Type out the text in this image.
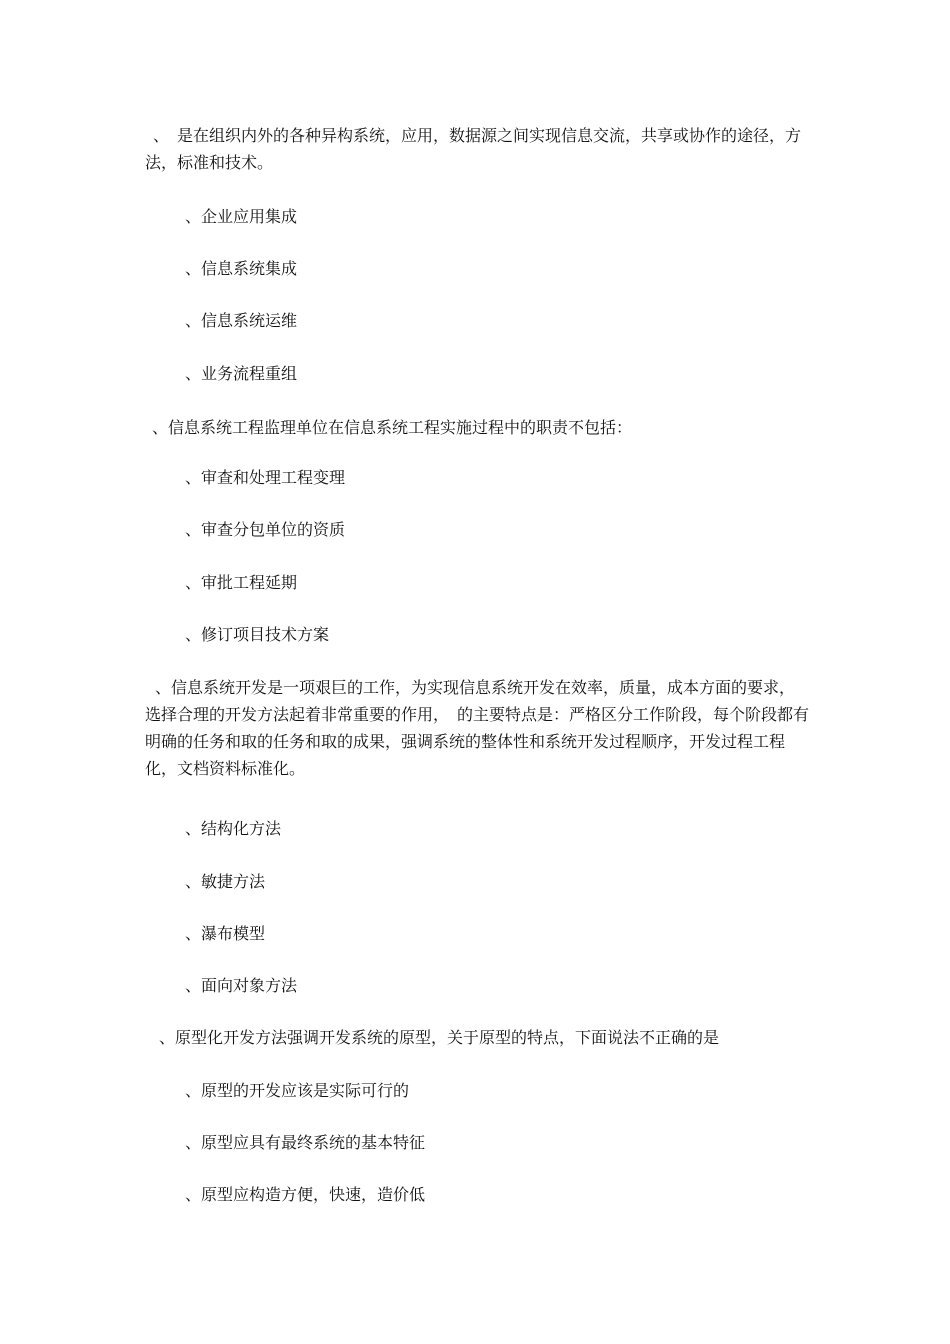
、　是在组织内外的各种异构系统，应用，数据源之间实现信息交流，共享或协作的途径，方法，标准和技术。

、企业应用集成

、信息系统集成

、信息系统运维

、业务流程重组

、信息系统工程监理单位在信息系统工程实施过程中的职责不包括：

、审查和处理工程变理

、审查分包单位的资质

、审批工程延期

、修订项目技术方案

、信息系统开发是一项艰巨的工作，为实现信息系统开发在效率，质量，成本方面的要求，选择合理的开发方法起着非常重要的作用，　的主要特点是：严格区分工作阶段，每个阶段都有明确的任务和取的任务和取的成果，强调系统的整体性和系统开发过程顺序，开发过程工程化，文档资料标准化。

、结构化方法

、敏捷方法

、瀑布模型

、面向对象方法

、原型化开发方法强调开发系统的原型，关于原型的特点，下面说法不正确的是

、原型的开发应该是实际可行的

、原型应具有最终系统的基本特征

、原型应构造方便，快速，造价低
